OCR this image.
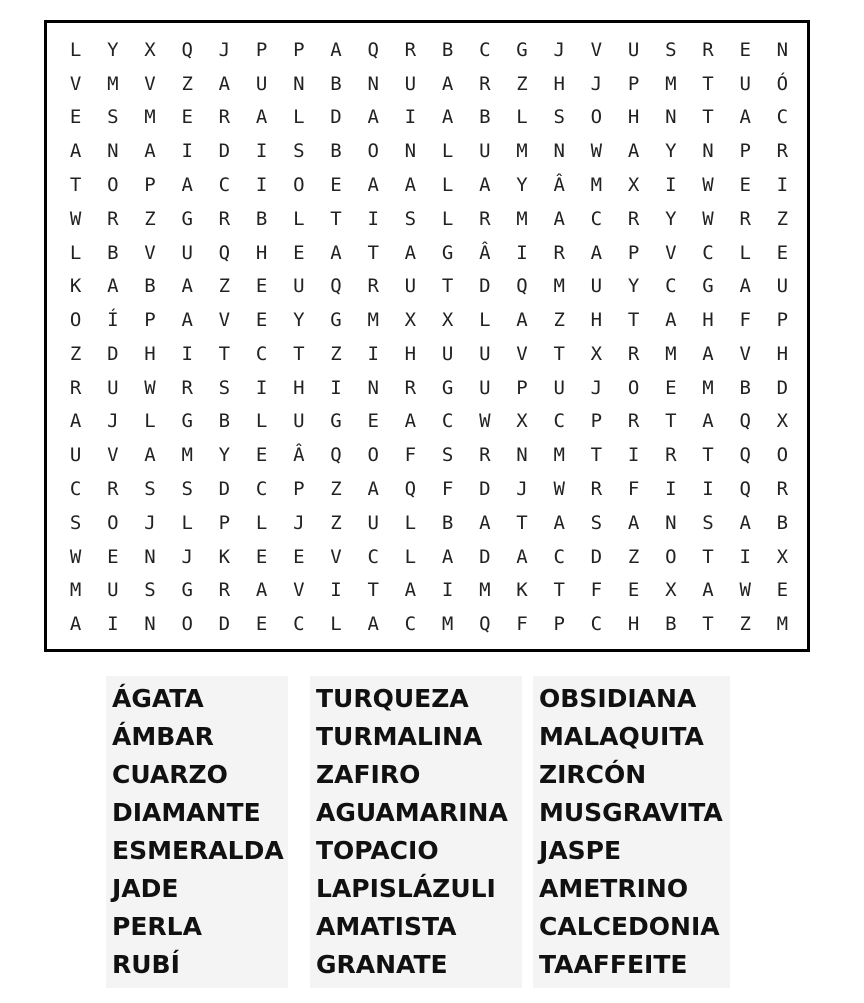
L	Y	X	Q	J	P	P	A	Q	R	B	C	G	J	V	U	S	R	E	N
V	M	V	Z	A	U	N	B	N	U	A	R	Z	H	J	P	M	T	U	Ó
E	S	M	E	R	A	L	D	A	I	A	B	L	S	O	H	N	T	A	C
A	N	A	I	D	I	S	B	O	N	L	U	M	N	W	A	Y	N	P	R
T	O	P	A	C	I	O	E	A	A	L	A	Y	Â	M	X	I	W	E	I
W	R	Z	G	R	B	L	T	I	S	L	R	M	A	C	R	Y	W	R	Z
L	B	V	U	Q	H	E	A	T	A	G	Â	I	R	A	P	V	C	L	E
K	A	B	A	Z	E	U	Q	R	U	T	D	Q	M	U	Y	C	G	A	U
O	Í	P	A	V	E	Y	G	M	X	X	L	A	Z	H	T	A	H	F	P
Z	D	H	I	T	C	T	Z	I	H	U	U	V	T	X	R	M	A	V	H
R	U	W	R	S	I	H	I	N	R	G	U	P	U	J	O	E	M	B	D
A	J	L	G	B	L	U	G	E	A	C	W	X	C	P	R	T	A	Q	X
U	V	A	M	Y	E	Â	Q	O	F	S	R	N	M	T	I	R	T	Q	O
C	R	S	S	D	C	P	Z	A	Q	F	D	J	W	R	F	I	I	Q	R
S	O	J	L	P	L	J	Z	U	L	B	A	T	A	S	A	N	S	A	B
W	E	N	J	K	E	E	V	C	L	A	D	A	C	D	Z	O	T	I	X
M	U	S	G	R	A	V	I	T	A	I	M	K	T	F	E	X	A	W	E
A	I	N	O	D	E	C	L	A	C	M	Q	F	P	C	H	B	T	Z	M
ÁGATA
ÁMBAR
CUARZO
DIAMANTE
ESMERALDA
JADE
PERLA
RUBÍ
TURQUEZA
TURMALINA
ZAFIRO
AGUAMARINA
TOPACIO
LAPISLÁZULI
AMATISTA
GRANATE
OBSIDIANA
MALAQUITA
ZIRCÓN
MUSGRAVITA
JASPE
AMETRINO
CALCEDONIA
TAAFFEITE
